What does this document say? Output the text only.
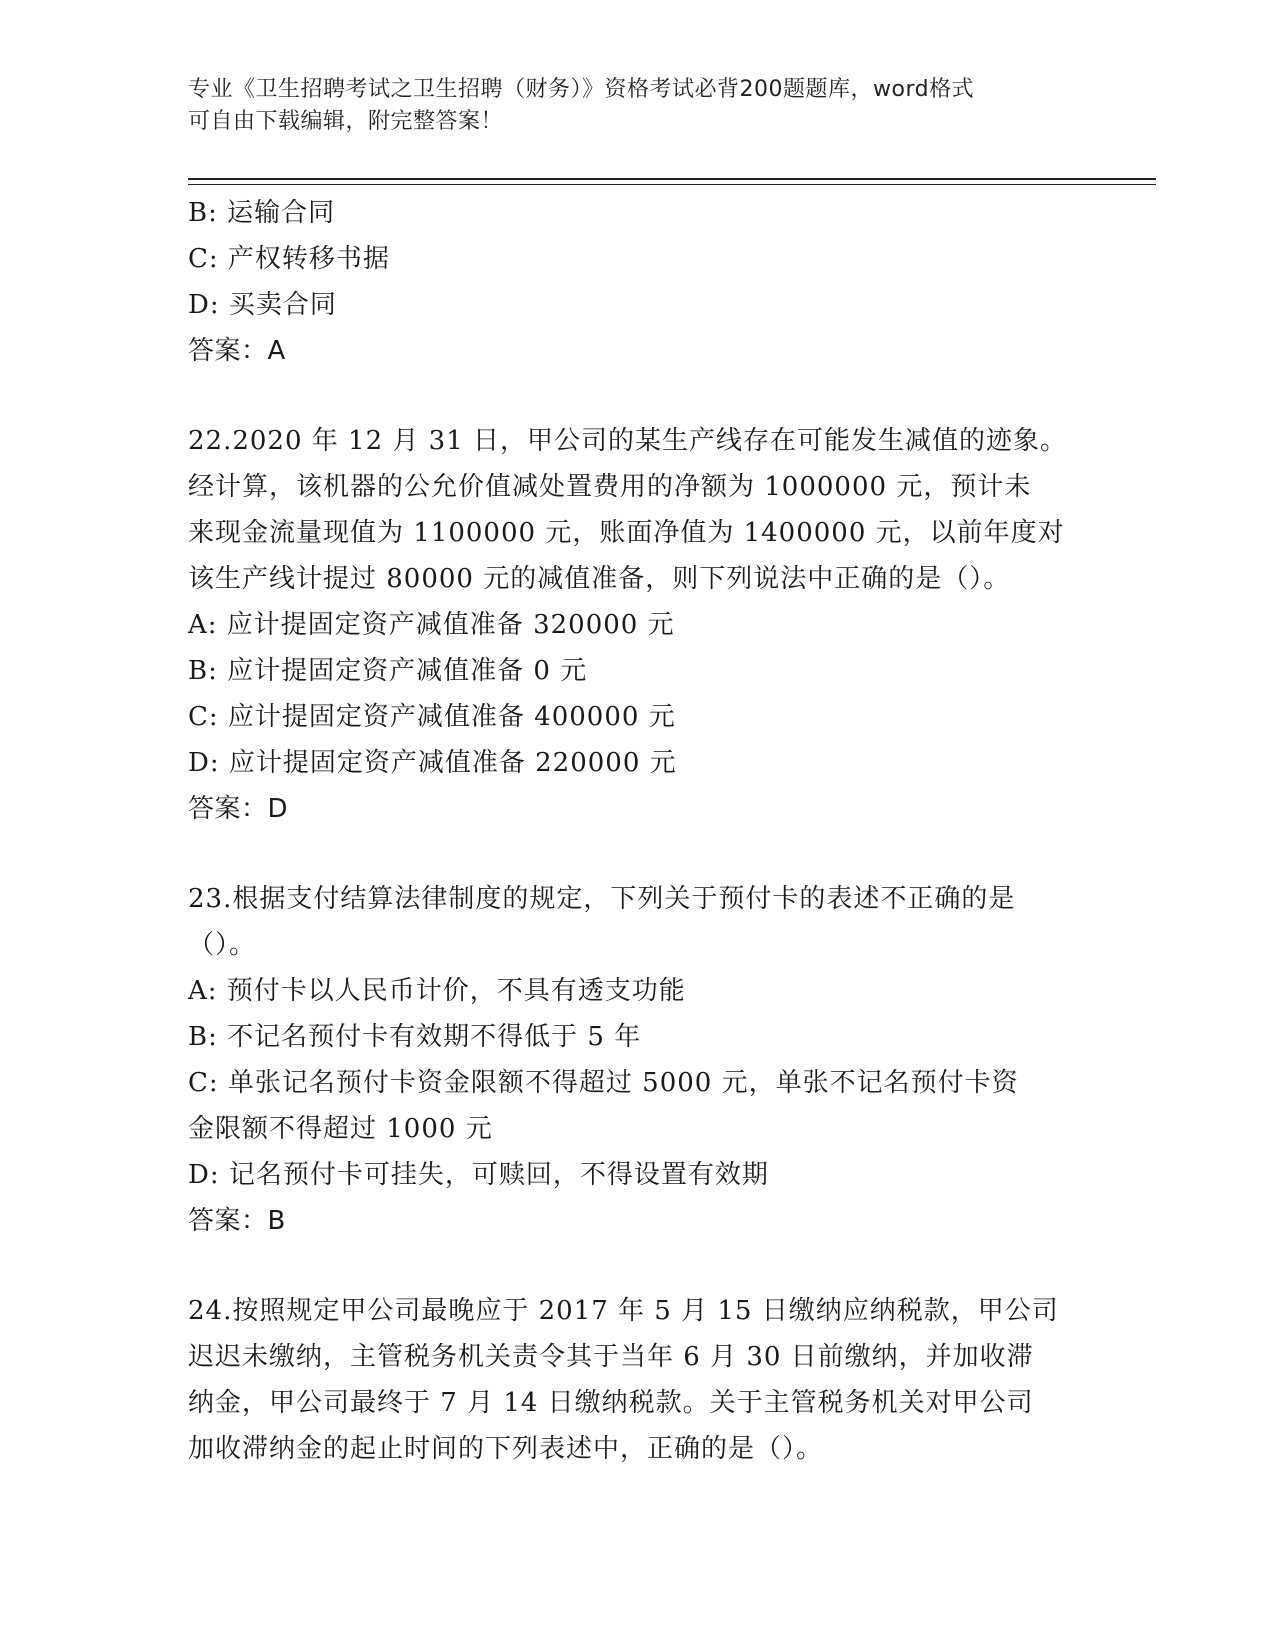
专业《卫生招聘考试之卫生招聘（财务）》资格考试必背200题题库，word格式
可自由下载编辑，附完整答案！
B: 运输合同
C: 产权转移书据
D: 买卖合同
答案：A
22.2020 年 12 月 31 日，甲公司的某生产线存在可能发生减值的迹象。
经计算，该机器的公允价值减处置费用的净额为 1000000 元，预计未
来现金流量现值为 1100000 元，账面净值为 1400000 元，以前年度对
该生产线计提过 80000 元的减值准备，则下列说法中正确的是（）。
A: 应计提固定资产减值准备 320000 元
B: 应计提固定资产减值准备 0 元
C: 应计提固定资产减值准备 400000 元
D: 应计提固定资产减值准备 220000 元
答案：D
23.根据支付结算法律制度的规定，下列关于预付卡的表述不正确的是
（）。
A: 预付卡以人民币计价，不具有透支功能
B: 不记名预付卡有效期不得低于 5 年
C: 单张记名预付卡资金限额不得超过 5000 元，单张不记名预付卡资
金限额不得超过 1000 元
D: 记名预付卡可挂失，可赎回，不得设置有效期
答案：B
24.按照规定甲公司最晚应于 2017 年 5 月 15 日缴纳应纳税款，甲公司
迟迟未缴纳，主管税务机关责令其于当年 6 月 30 日前缴纳，并加收滞
纳金，甲公司最终于 7 月 14 日缴纳税款。关于主管税务机关对甲公司
加收滞纳金的起止时间的下列表述中，正确的是（）。
